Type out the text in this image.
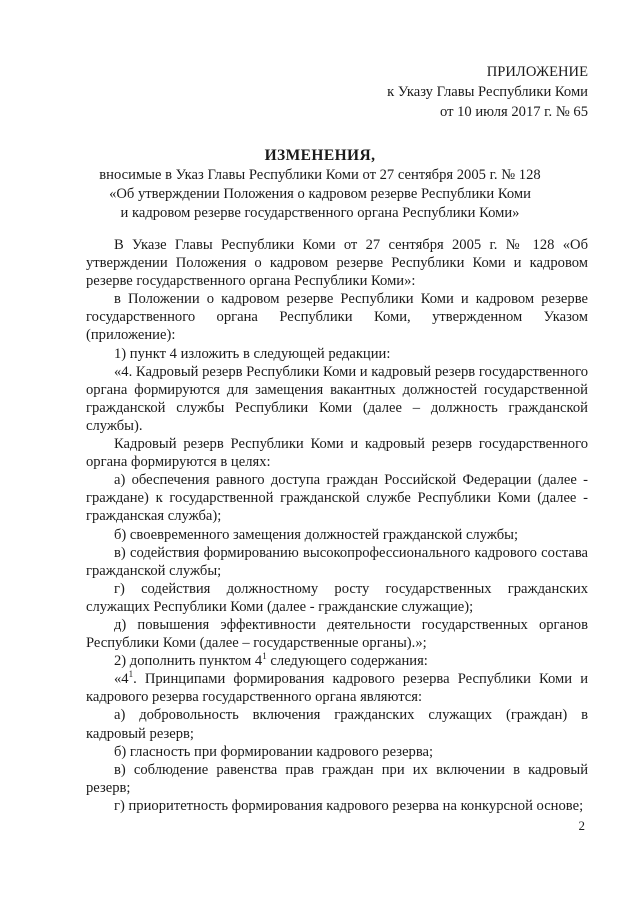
ПРИЛОЖЕНИЕ
к Указу Главы Республики Коми
от 10 июля 2017 г. № 65
ИЗМЕНЕНИЯ,
вносимые в Указ Главы Республики Коми от 27 сентября 2005 г. № 128
«Об утверждении Положения о кадровом резерве Республики Коми
и кадровом резерве государственного органа Республики Коми»

В Указе Главы Республики Коми от 27 сентября 2005 г. № 128 «Об утверждении Положения о кадровом резерве Республики Коми и кадровом резерве государственного органа Республики Коми»:

в Положении о кадровом резерве Республики Коми и кадровом резерве государственного органа Республики Коми, утвержденном Указом (приложение):

1) пункт 4 изложить в следующей редакции:

«4. Кадровый резерв Республики Коми и кадровый резерв государственного органа формируются для замещения вакантных должностей государственной гражданской службы Республики Коми (далее – должность гражданской службы).

Кадровый резерв Республики Коми и кадровый резерв государственного органа формируются в целях:

а) обеспечения равного доступа граждан Российской Федерации (далее - граждане) к государственной гражданской службе Республики Коми (далее - гражданская служба);

б) своевременного замещения должностей гражданской службы;

в) содействия формированию высокопрофессионального кадрового состава гражданской службы;

г) содействия должностному росту государственных гражданских служащих Республики Коми (далее - гражданские служащие);

д) повышения эффективности деятельности государственных органов Республики Коми (далее – государственные органы).»;

2) дополнить пунктом $4^1$ следующего содержания:

«$4^1$. Принципами формирования кадрового резерва Республики Коми и кадрового резерва государственного органа являются:

а) добровольность включения гражданских служащих (граждан) в кадровый резерв;

б) гласность при формировании кадрового резерва;

в) соблюдение равенства прав граждан при их включении в кадровый резерв;

г) приоритетность формирования кадрового резерва на конкурсной основе;

2
